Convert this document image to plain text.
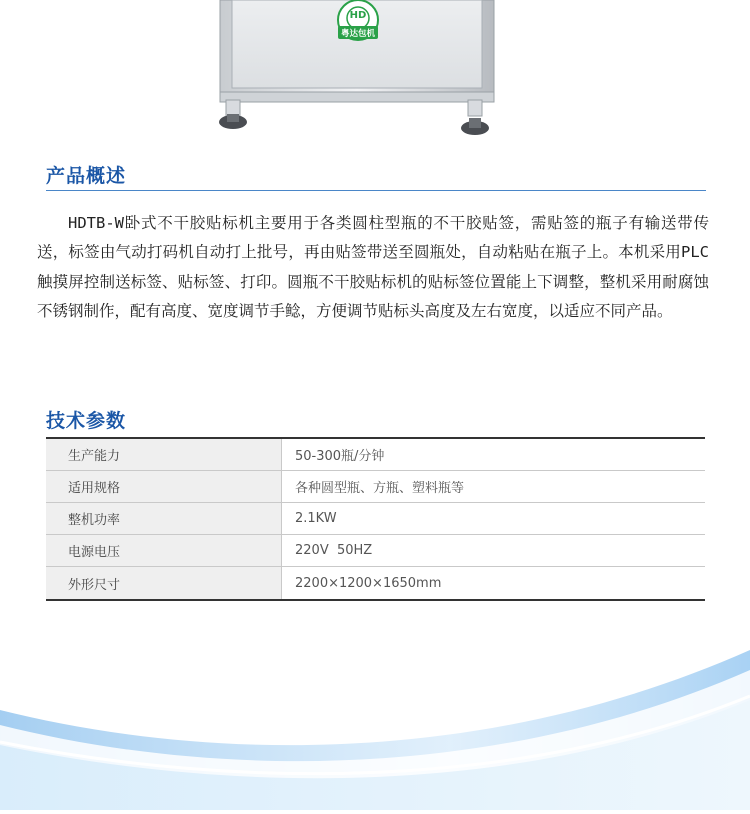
HD
粤达包机
产品概述

HDTB-W卧式不干胶贴标机主要用于各类圆柱型瓶的不干胶贴签，需贴签的瓶子有输送带传送，标签由气动打码机自动打上批号，再由贴签带送至圆瓶处，自动粘贴在瓶子上。本机采用PLC触摸屏控制送标签、贴标签、打印。圆瓶不干胶贴标机的贴标签位置能上下调整，整机采用耐腐蚀不锈钢制作，配有高度、宽度调节手鲶，方便调节贴标头高度及左右宽度，以适应不同产品。

技术参数
生产能力	50-300瓶/分钟
适用规格	各种圆型瓶、方瓶、塑料瓶等
整机功率	2.1KW
电源电压	220V  50HZ
外形尺寸	2200×1200×1650mm
